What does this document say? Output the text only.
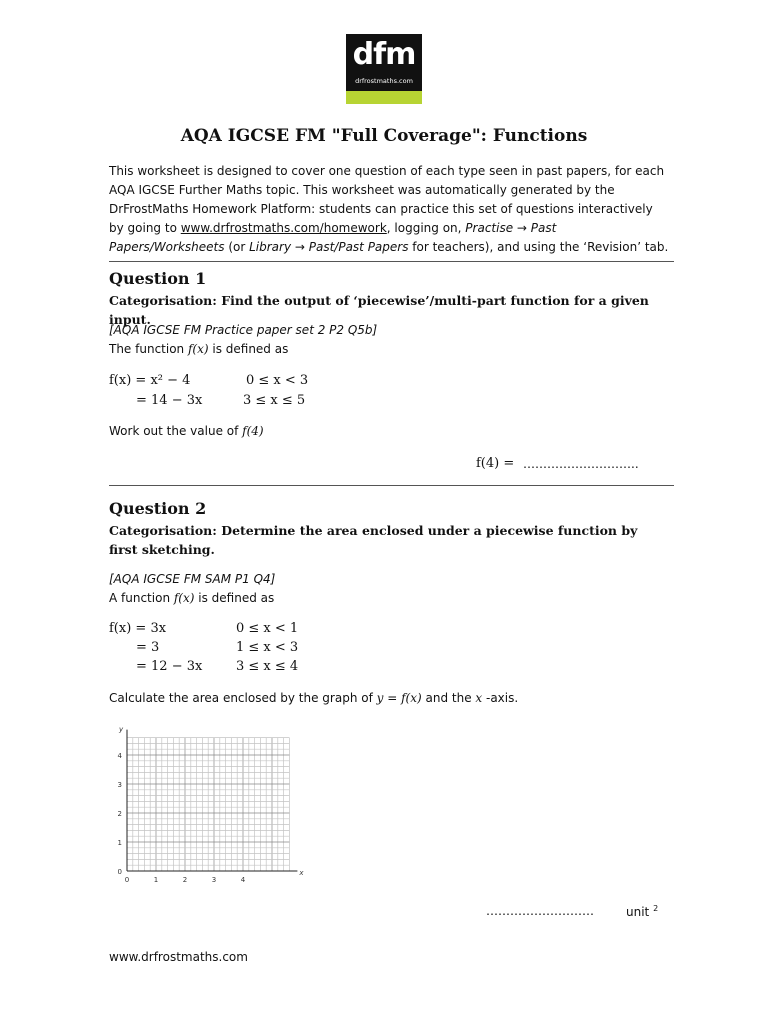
dfm
drfrostmaths.com
AQA IGCSE FM "Full Coverage": Functions
This worksheet is designed to cover one question of each type seen in past papers, for each AQA IGCSE Further Maths topic. This worksheet was automatically generated by the DrFrostMaths Homework Platform: students can practice this set of questions interactively by going to www.drfrostmaths.com/homework, logging on, Practise → Past Papers/Worksheets (or Library → Past/Past Papers for teachers), and using the ‘Revision’ tab.
Question 1
Categorisation: Find the output of ‘piecewise’/multi-part function for a given input.
[AQA IGCSE FM Practice paper set 2 P2 Q5b]
The function f(x) is defined as
f(x) = x² − 4	0 ≤ x < 3
= 14 − 3x	3 ≤ x ≤ 5
Work out the value of f(4)
f(4) = ………………………..
Question 2
Categorisation: Determine the area enclosed under a piecewise function by first sketching.
[AQA IGCSE FM SAM P1 Q4]
A function f(x) is defined as
f(x) = 3x	0 ≤ x < 1
= 3	1 ≤ x < 3
= 12 − 3x	3 ≤ x ≤ 4
Calculate the area enclosed by the graph of y = f(x) and the x -axis.
x
y
0	1	2	3	4
0
1
2
3
4
………………………	unit $^2$
www.drfrostmaths.com
